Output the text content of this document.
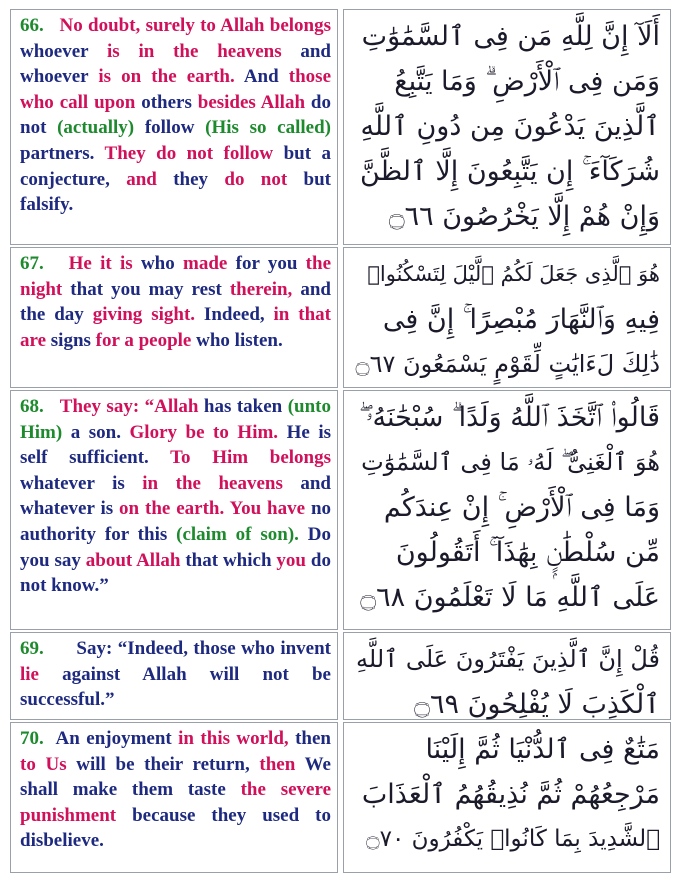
66. No doubt, surely to Allah belongs whoever is in the heavens and whoever is on the earth. And those who call upon others besides Allah do not (actually) follow (His so called) partners. They do not follow but a conjecture, and they do not but falsify.

أَلَآ إِنَّ لِلَّهِ مَن فِى ٱلسَّمَٰوَٰتِ
وَمَن فِى ٱلْأَرْضِ ۗ وَمَا يَتَّبِعُ
ٱلَّذِينَ يَدْعُونَ مِن دُونِ ٱللَّهِ
شُرَكَآءَ ۚ إِن يَتَّبِعُونَ إِلَّا ٱلظَّنَّ
وَإِنْ هُمْ إِلَّا يَخْرُصُونَ ۝٦٦

67. He it is who made for you the night that you may rest therein, and the day giving sight. Indeed, in that are signs for a people who listen.

هُوَ ٱلَّذِى جَعَلَ لَكُمُ ٱلَّيْلَ لِتَسْكُنُوا۟
فِيهِ وَٱلنَّهَارَ مُبْصِرًا ۚ إِنَّ فِى
ذَٰلِكَ لَءَايَٰتٍ لِّقَوْمٍ يَسْمَعُونَ ۝٦٧

68. They say: “Allah has taken (unto Him) a son. Glory be to Him. He is self sufficient. To Him belongs whatever is in the heavens and whatever is on the earth. You have no authority for this (claim of son). Do you say about Allah that which you do not know.”

قَالُوا۟ ٱتَّخَذَ ٱللَّهُ وَلَدًا ۗ سُبْحَٰنَهُۥ ۖ
هُوَ ٱلْغَنِىُّ ۖ لَهُۥ مَا فِى ٱلسَّمَٰوَٰتِ
وَمَا فِى ٱلْأَرْضِ ۚ إِنْ عِندَكُم
مِّن سُلْطَٰنٍۭ بِهَٰذَآ ۚ أَتَقُولُونَ
عَلَى ٱللَّهِ مَا لَا تَعْلَمُونَ ۝٦٨

69. Say: “Indeed, those who invent lie against Allah will not be successful.”

قُلْ إِنَّ ٱلَّذِينَ يَفْتَرُونَ عَلَى ٱللَّهِ
ٱلْكَذِبَ لَا يُفْلِحُونَ ۝٦٩

70. An enjoyment in this world, then to Us will be their return, then We shall make them taste the severe punishment because they used to disbelieve.

مَتَٰعٌ فِى ٱلدُّنْيَا ثُمَّ إِلَيْنَا
مَرْجِعُهُمْ ثُمَّ نُذِيقُهُمُ ٱلْعَذَابَ
ٱلشَّدِيدَ بِمَا كَانُوا۟ يَكْفُرُونَ ۝٧٠
